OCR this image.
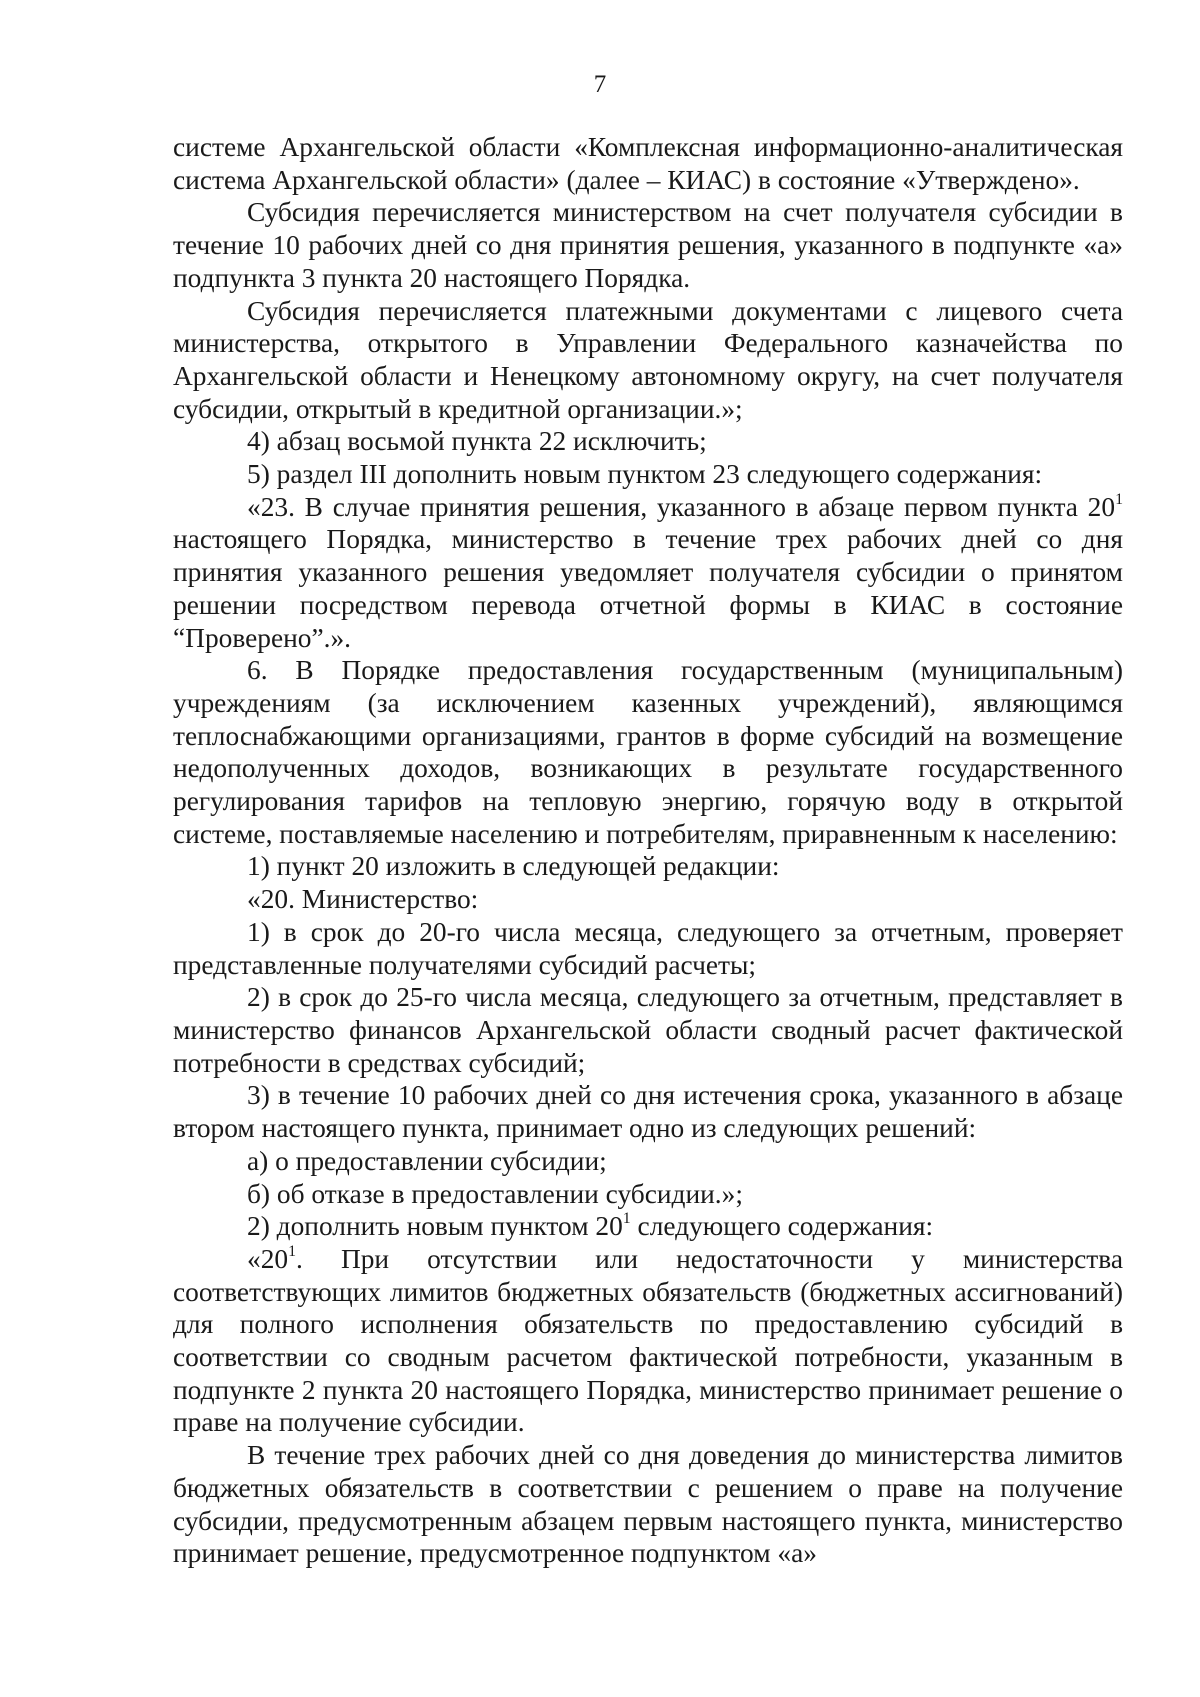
7

системе Архангельской области «Комплексная информационно-аналитическая система Архангельской области» (далее – КИАС) в состояние «Утверждено».

Субсидия перечисляется министерством на счет получателя субсидии в течение 10 рабочих дней со дня принятия решения, указанного в подпункте «а» подпункта 3 пункта 20 настоящего Порядка.

Субсидия перечисляется платежными документами с лицевого счета министерства, открытого в Управлении Федерального казначейства по Архангельской области и Ненецкому автономному округу, на счет получателя субсидии, открытый в кредитной организации.»;

4) абзац восьмой пункта 22 исключить;

5) раздел III дополнить новым пунктом 23 следующего содержания:

«23. В случае принятия решения, указанного в абзаце первом пункта $20^1$ настоящего Порядка, министерство в течение трех рабочих дней со дня принятия указанного решения уведомляет получателя субсидии о принятом решении посредством перевода отчетной формы в КИАС в состояние “Проверено”.».

6. В Порядке предоставления государственным (муниципальным) учреждениям (за исключением казенных учреждений), являющимся теплоснабжающими организациями, грантов в форме субсидий на возмещение недополученных доходов, возникающих в результате государственного регулирования тарифов на тепловую энергию, горячую воду в открытой системе, поставляемые населению и потребителям, приравненным к населению:

1) пункт 20 изложить в следующей редакции:

«20. Министерство:

1) в срок до 20-го числа месяца, следующего за отчетным, проверяет представленные получателями субсидий расчеты;

2) в срок до 25-го числа месяца, следующего за отчетным, представляет в министерство финансов Архангельской области сводный расчет фактической потребности в средствах субсидий;

3) в течение 10 рабочих дней со дня истечения срока, указанного в абзаце втором настоящего пункта, принимает одно из следующих решений:

а) о предоставлении субсидии;

б) об отказе в предоставлении субсидии.»;

2) дополнить новым пунктом $20^1$ следующего содержания:

«$20^1$. При отсутствии или недостаточности у министерства соответствующих лимитов бюджетных обязательств (бюджетных ассигнований) для полного исполнения обязательств по предоставлению субсидий в соответствии со сводным расчетом фактической потребности, указанным в подпункте 2 пункта 20 настоящего Порядка, министерство принимает решение о праве на получение субсидии.

В течение трех рабочих дней со дня доведения до министерства лимитов бюджетных обязательств в соответствии с решением о праве на получение субсидии, предусмотренным абзацем первым настоящего пункта, министерство принимает решение, предусмотренное подпунктом «а»
